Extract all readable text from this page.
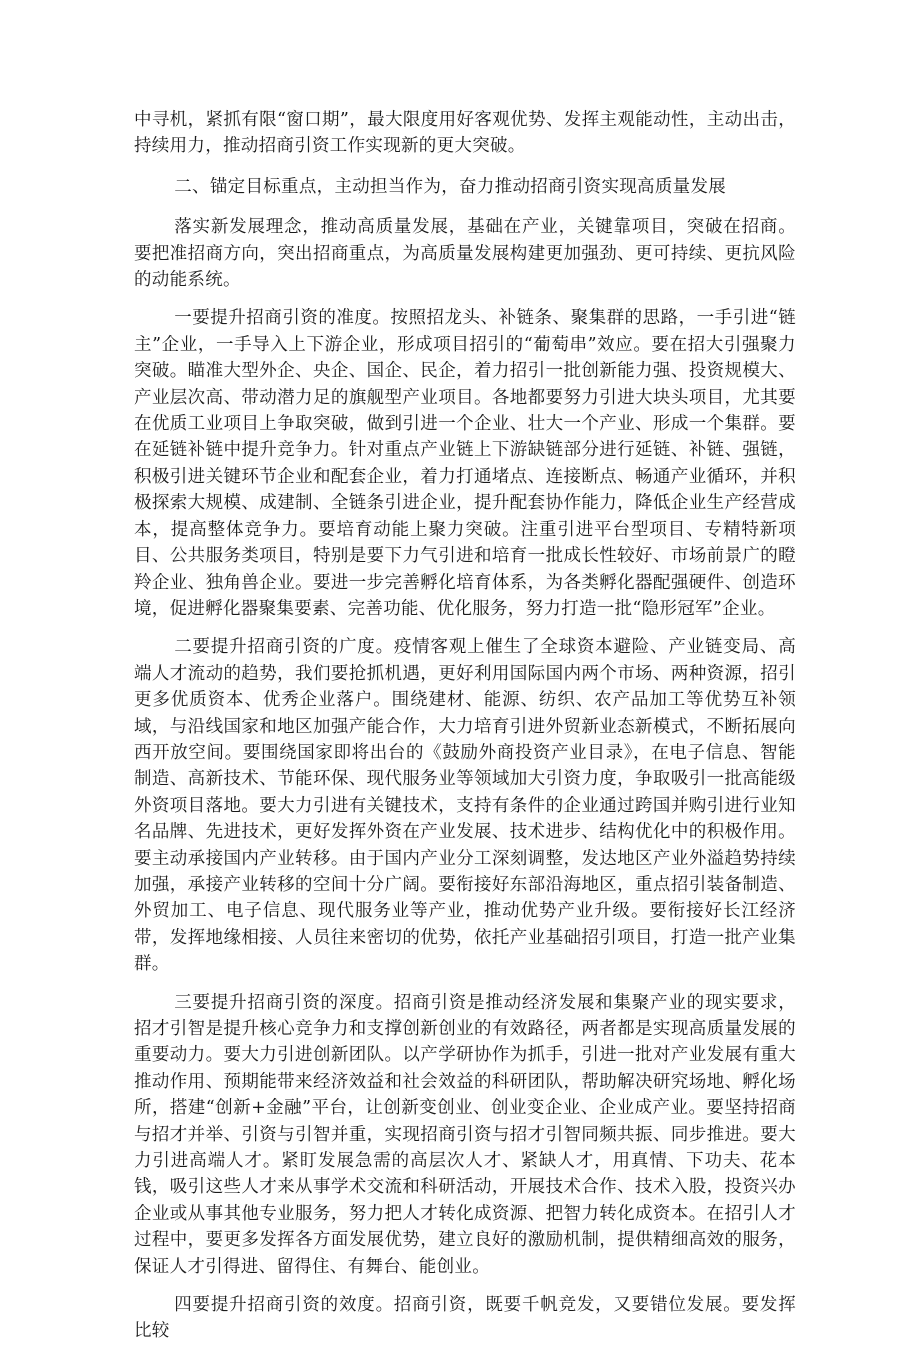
中寻机，紧抓有限“窗口期”，最大限度用好客观优势、发挥主观能动性，主动出击，持续用力，推动招商引资工作实现新的更大突破。

二、锚定目标重点，主动担当作为，奋力推动招商引资实现高质量发展

落实新发展理念，推动高质量发展，基础在产业，关键靠项目，突破在招商。要把准招商方向，突出招商重点，为高质量发展构建更加强劲、更可持续、更抗风险的动能系统。

一要提升招商引资的准度。按照招龙头、补链条、聚集群的思路，一手引进“链主”企业，一手导入上下游企业，形成项目招引的“葡萄串”效应。要在招大引强聚力突破。瞄准大型外企、央企、国企、民企，着力招引一批创新能力强、投资规模大、产业层次高、带动潜力足的旗舰型产业项目。各地都要努力引进大块头项目，尤其要在优质工业项目上争取突破，做到引进一个企业、壮大一个产业、形成一个集群。要在延链补链中提升竞争力。针对重点产业链上下游缺链部分进行延链、补链、强链，积极引进关键环节企业和配套企业，着力打通堵点、连接断点、畅通产业循环，并积极探索大规模、成建制、全链条引进企业，提升配套协作能力，降低企业生产经营成本，提高整体竞争力。要培育动能上聚力突破。注重引进平台型项目、专精特新项目、公共服务类项目，特别是要下力气引进和培育一批成长性较好、市场前景广的瞪羚企业、独角兽企业。要进一步完善孵化培育体系，为各类孵化器配强硬件、创造环境，促进孵化器聚集要素、完善功能、优化服务，努力打造一批“隐形冠军”企业。

二要提升招商引资的广度。疫情客观上催生了全球资本避险、产业链变局、高端人才流动的趋势，我们要抢抓机遇，更好利用国际国内两个市场、两种资源，招引更多优质资本、优秀企业落户。围绕建材、能源、纺织、农产品加工等优势互补领域，与沿线国家和地区加强产能合作，大力培育引进外贸新业态新模式，不断拓展向西开放空间。要围绕国家即将出台的《鼓励外商投资产业目录》，在电子信息、智能制造、高新技术、节能环保、现代服务业等领域加大引资力度，争取吸引一批高能级外资项目落地。要大力引进有关键技术，支持有条件的企业通过跨国并购引进行业知名品牌、先进技术，更好发挥外资在产业发展、技术进步、结构优化中的积极作用。要主动承接国内产业转移。由于国内产业分工深刻调整，发达地区产业外溢趋势持续加强，承接产业转移的空间十分广阔。要衔接好东部沿海地区，重点招引装备制造、外贸加工、电子信息、现代服务业等产业，推动优势产业升级。要衔接好长江经济带，发挥地缘相接、人员往来密切的优势，依托产业基础招引项目，打造一批产业集群。

三要提升招商引资的深度。招商引资是推动经济发展和集聚产业的现实要求，招才引智是提升核心竞争力和支撑创新创业的有效路径，两者都是实现高质量发展的重要动力。要大力引进创新团队。以产学研协作为抓手，引进一批对产业发展有重大推动作用、预期能带来经济效益和社会效益的科研团队，帮助解决研究场地、孵化场所，搭建“创新+金融”平台，让创新变创业、创业变企业、企业成产业。要坚持招商与招才并举、引资与引智并重，实现招商引资与招才引智同频共振、同步推进。要大力引进高端人才。紧盯发展急需的高层次人才、紧缺人才，用真情、下功夫、花本钱，吸引这些人才来从事学术交流和科研活动，开展技术合作、技术入股，投资兴办企业或从事其他专业服务，努力把人才转化成资源、把智力转化成资本。在招引人才过程中，要更多发挥各方面发展优势，建立良好的激励机制，提供精细高效的服务，保证人才引得进、留得住、有舞台、能创业。

四要提升招商引资的效度。招商引资，既要千帆竞发，又要错位发展。要发挥比较
